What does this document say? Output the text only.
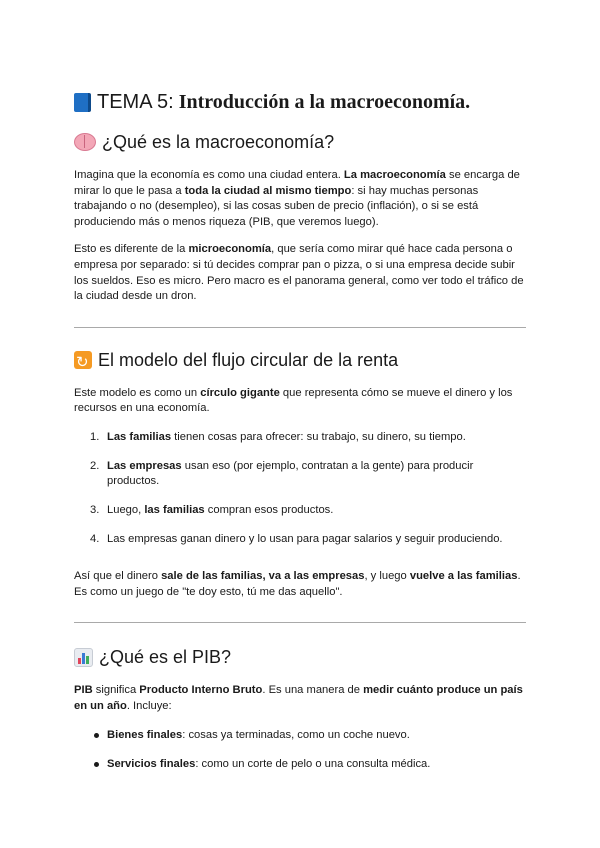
TEMA 5: Introducción a la macroeconomía.
¿Qué es la macroeconomía?

Imagina que la economía es como una ciudad entera. La macroeconomía se encarga de mirar lo que le pasa a toda la ciudad al mismo tiempo: si hay muchas personas trabajando o no (desempleo), si las cosas suben de precio (inflación), o si se está produciendo más o menos riqueza (PIB, que veremos luego).

Esto es diferente de la microeconomía, que sería como mirar qué hace cada persona o empresa por separado: si tú decides comprar pan o pizza, o si una empresa decide subir los sueldos. Eso es micro. Pero macro es el panorama general, como ver todo el tráfico de la ciudad desde un dron.

↻
El modelo del flujo circular de la renta

Este modelo es como un círculo gigante que representa cómo se mueve el dinero y los recursos en una economía.

1. Las familias tienen cosas para ofrecer: su trabajo, su dinero, su tiempo.
2. Las empresas usan eso (por ejemplo, contratan a la gente) para producir productos.
3. Luego, las familias compran esos productos.
4. Las empresas ganan dinero y lo usan para pagar salarios y seguir produciendo.

Así que el dinero sale de las familias, va a las empresas, y luego vuelve a las familias. Es como un juego de "te doy esto, tú me das aquello".

¿Qué es el PIB?

PIB significa Producto Interno Bruto. Es una manera de medir cuánto produce un país en un año. Incluye:

Bienes finales: cosas ya terminadas, como un coche nuevo.
Servicios finales: como un corte de pelo o una consulta médica.
